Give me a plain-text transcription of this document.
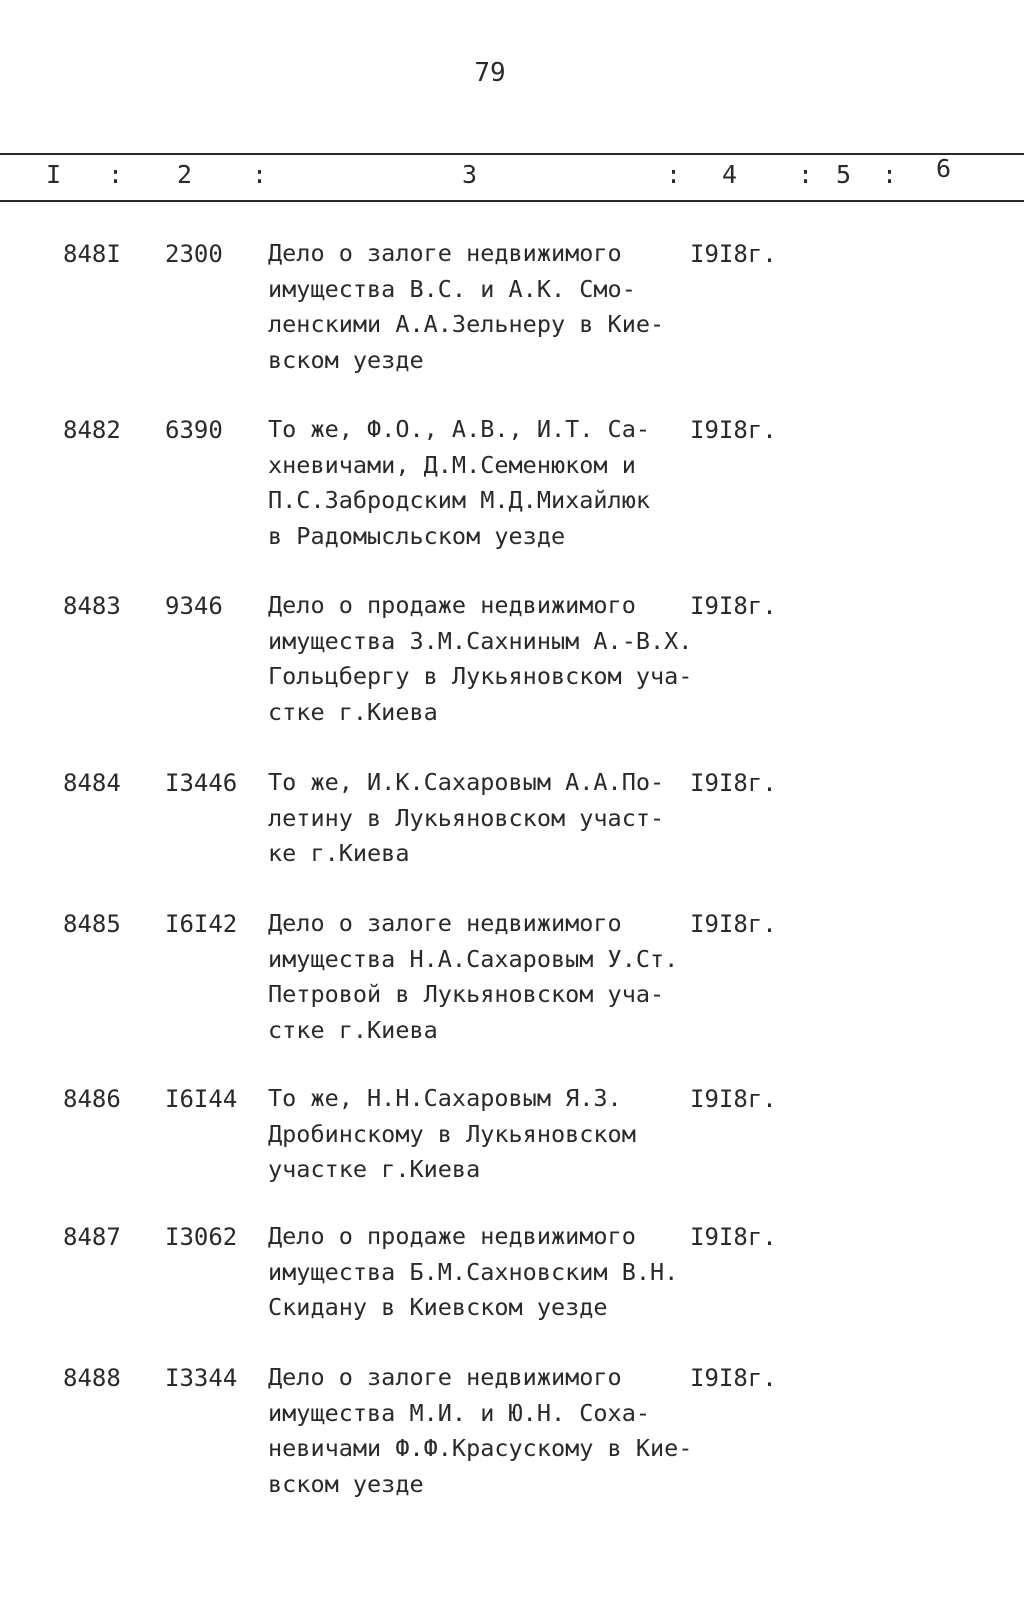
79
I : 2 :	3	: 4 : 5 : 6
848I 2300 Дело о залоге недвижимого
имущества В.С. и А.К. Смо-
ленскими А.А.Зельнеру в Кие-
вском уезде
I9I8г.
8482 6390 То же, Ф.О., А.В., И.Т. Са-
хневичами, Д.М.Семенюком и
П.С.Забродским М.Д.Михайлюк
в Радомысльском уезде
I9I8г.
8483 9346 Дело о продаже недвижимого
имущества З.М.Сахниным А.-В.Х.
Гольцбергу в Лукьяновском уча-
стке г.Киева
I9I8г.
8484 I3446 То же, И.К.Сахаровым А.А.По-
летину в Лукьяновском участ-
ке г.Киева
I9I8г.
8485 I6I42 Дело о залоге недвижимого
имущества Н.А.Сахаровым У.Ст.
Петровой в Лукьяновском уча-
стке г.Киева
I9I8г.
8486 I6I44 То же, Н.Н.Сахаровым Я.З.
Дробинскому в Лукьяновском
участке г.Киева
I9I8г.
8487 I3062 Дело о продаже недвижимого
имущества Б.М.Сахновским В.Н.
Скидану в Киевском уезде
I9I8г.
8488 I3344 Дело о залоге недвижимого
имущества М.И. и Ю.Н. Соха-
невичами Ф.Ф.Красускому в Кие-
вском уезде
I9I8г.
